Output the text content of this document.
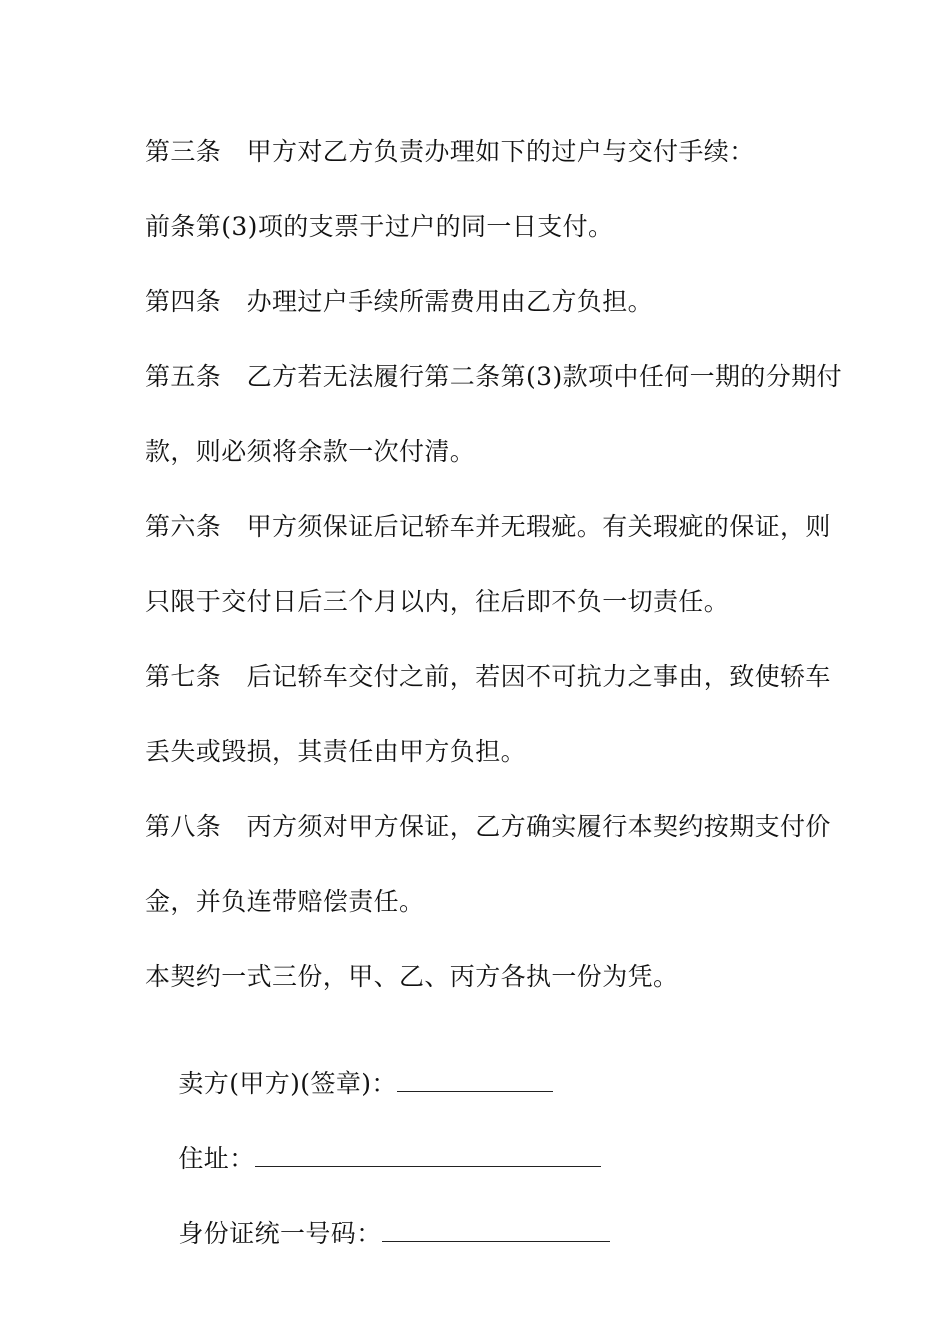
第三条　甲方对乙方负责办理如下的过户与交付手续：
前条第(3)项的支票于过户的同一日支付。
第四条　办理过户手续所需费用由乙方负担。
第五条　乙方若无法履行第二条第(3)款项中任何一期的分期付
款，则必须将余款一次付清。
第六条　甲方须保证后记轿车并无瑕疵。有关瑕疵的保证，则
只限于交付日后三个月以内，往后即不负一切责任。
第七条　后记轿车交付之前，若因不可抗力之事由，致使轿车
丢失或毁损，其责任由甲方负担。
第八条　丙方须对甲方保证，乙方确实履行本契约按期支付价
金，并负连带赔偿责任。
本契约一式三份，甲、乙、丙方各执一份为凭。

卖方(甲方)(签章)：

住址：

身份证统一号码：
